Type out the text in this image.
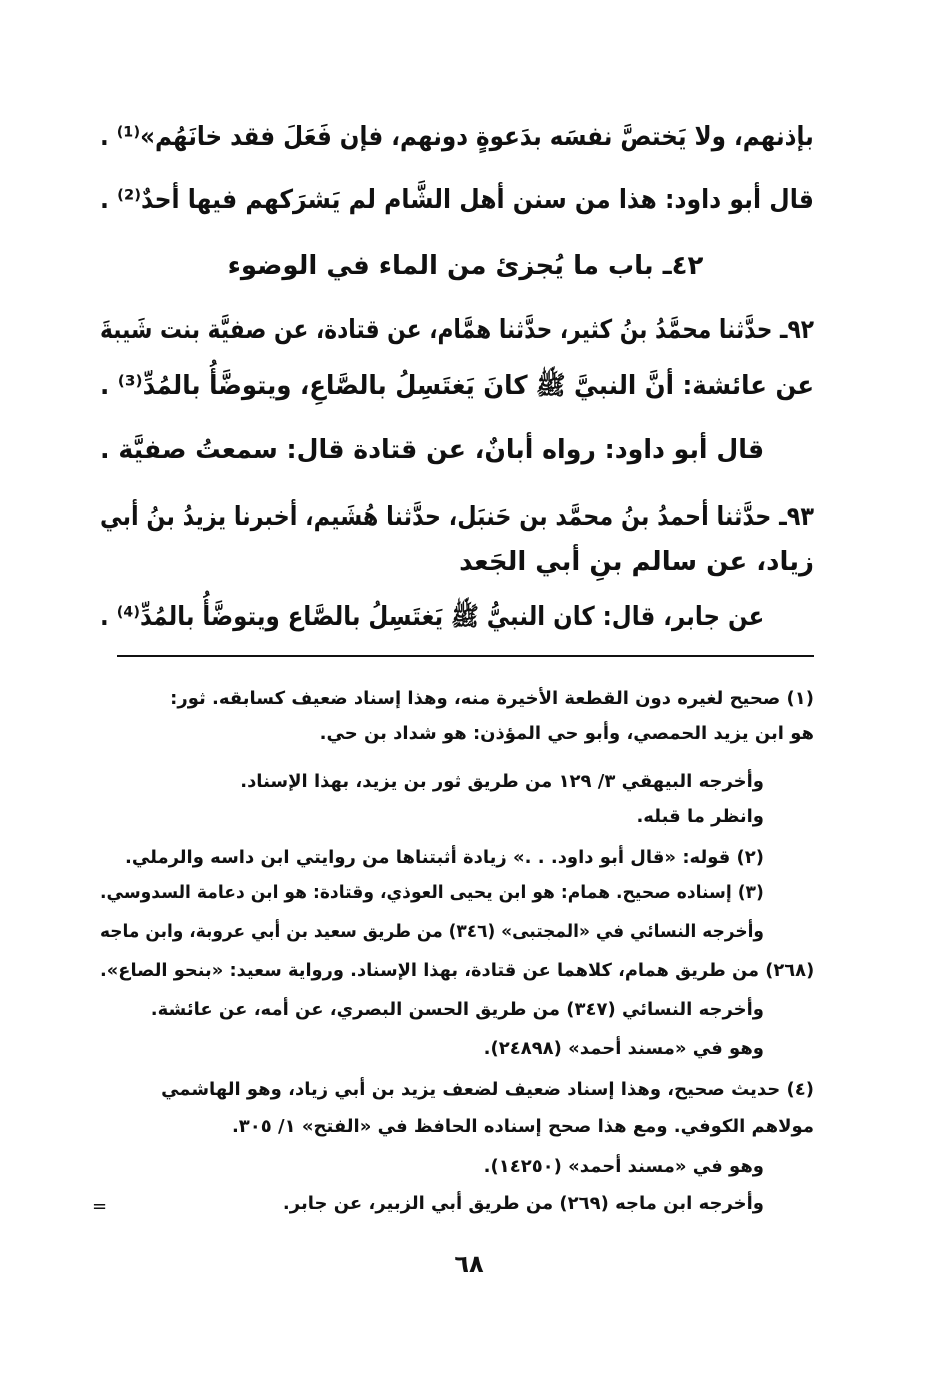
بإذنهم، ولا يَختصَّ نفسَه بدَعوةٍ دونهم، فإن فَعَلَ فقد خانَهُم»⁽¹⁾ .
قال أبو داود: هذا من سنن أهل الشَّام لم يَشرَكهم فيها أحدٌ⁽²⁾ .
٤٢ـ باب ما يُجزئ من الماء في الوضوء
٩٢ـ حدَّثنا محمَّدُ بنُ كثير، حدَّثنا همَّام، عن قتادة، عن صفيَّة بنت شَيبةَ
عن عائشة: أنَّ النبيَّ ﷺ كانَ يَغتَسِلُ بالصَّاعِ، ويتوضَّأُ بالمُدِّ⁽³⁾ .
قال أبو داود: رواه أبانٌ، عن قتادة قال: سمعتُ صفيَّة .
٩٣ـ حدَّثنا أحمدُ بنُ محمَّد بن حَنبَل، حدَّثنا هُشَيم، أخبرنا يزيدُ بنُ أبي
زياد، عن سالم بنِ أبي الجَعد
عن جابر، قال: كان النبيُّ ﷺ يَغتَسِلُ بالصَّاع ويتوضَّأُ بالمُدِّ⁽⁴⁾ .
(١) صحيح لغيره دون القطعة الأخيرة منه، وهذا إسناد ضعيف كسابقه. ثور:
هو ابن يزيد الحمصي، وأبو حي المؤذن: هو شداد بن حي.
وأخرجه البيهقي ٣/ ١٢٩ من طريق ثور بن يزيد، بهذا الإسناد.
وانظر ما قبله.
(٢) قوله: «قال أبو داود. . .» زيادة أثبتناها من روايتي ابن داسه والرملي.
(٣) إسناده صحيح. همام: هو ابن يحيى العوذي، وقتادة: هو ابن دعامة السدوسي.
وأخرجه النسائي في «المجتبى» (٣٤٦) من طريق سعيد بن أبي عروبة، وابن ماجه
(٢٦٨) من طريق همام، كلاهما عن قتادة، بهذا الإسناد. ورواية سعيد: «بنحو الصاع».
وأخرجه النسائي (٣٤٧) من طريق الحسن البصري، عن أمه، عن عائشة.
وهو في «مسند أحمد» (٢٤٨٩٨).
(٤) حديث صحيح، وهذا إسناد ضعيف لضعف يزيد بن أبي زياد، وهو الهاشمي
مولاهم الكوفي. ومع هذا صحح إسناده الحافظ في «الفتح» ١/ ٣٠٥.
وهو في «مسند أحمد» (١٤٢٥٠).
وأخرجه ابن ماجه (٢٦٩) من طريق أبي الزبير، عن جابر.
=
٦٨
